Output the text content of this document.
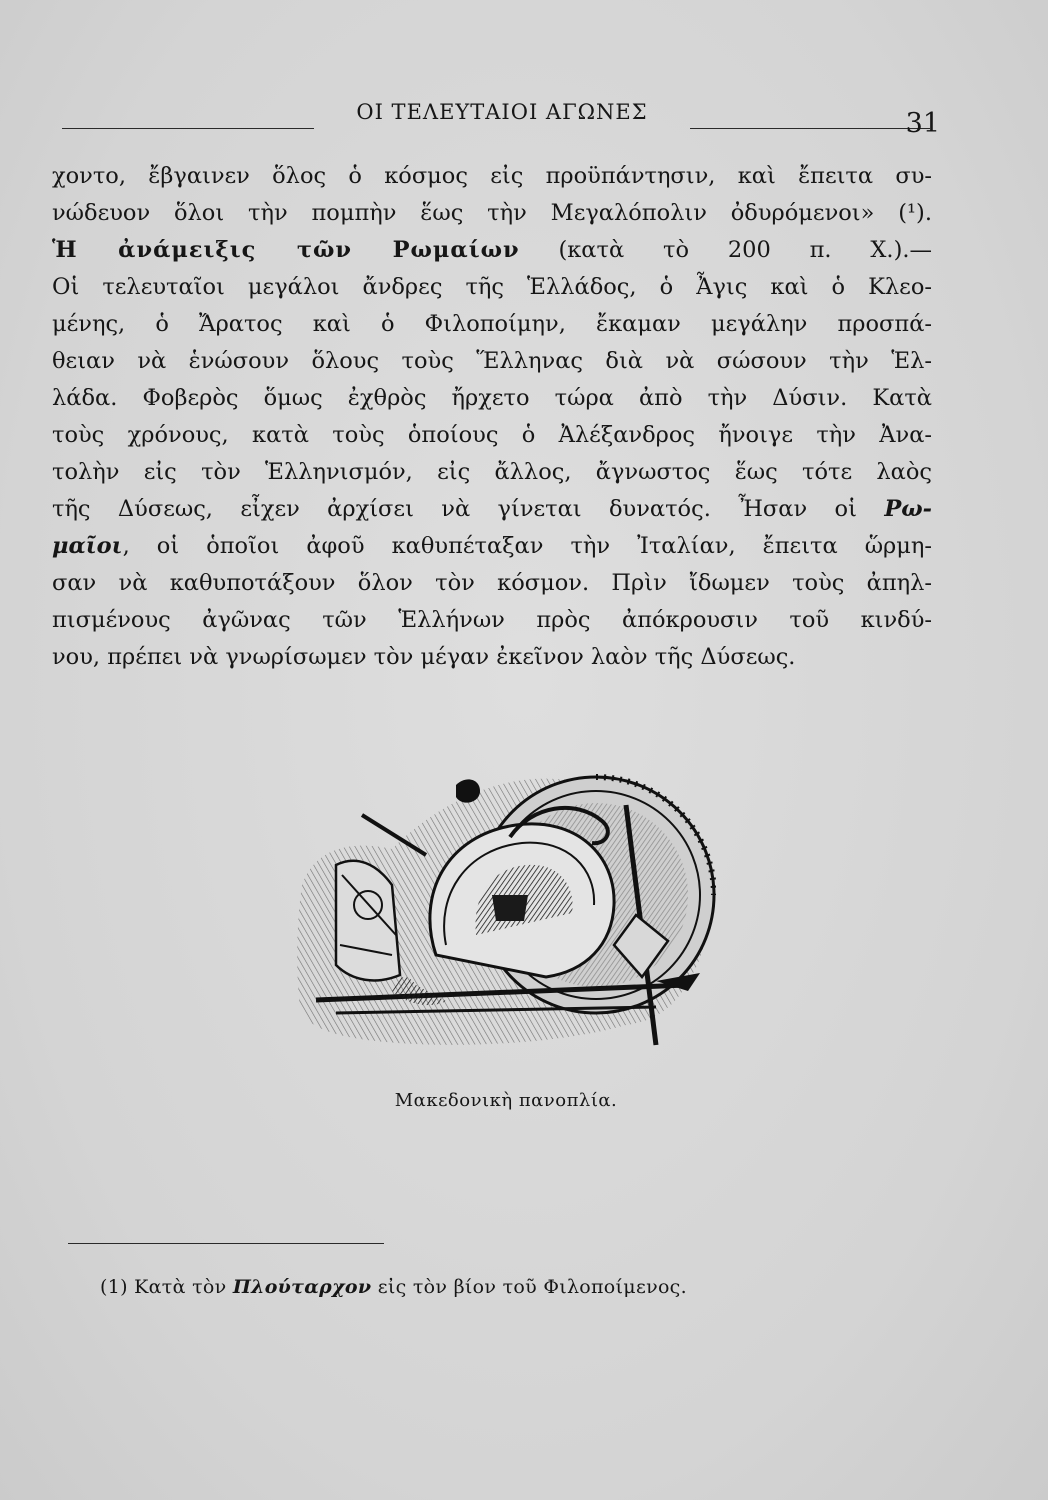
ΟΙ ΤΕΛΕΥΤΑΙΟΙ ΑΓΩΝΕΣ	31
χοντο, ἔβγαινεν ὅλος ὁ κόσμος εἰς προϋπάντησιν, καὶ ἔπειτα συ-
νώδευον ὅλοι τὴν πομπὴν ἕως τὴν Μεγαλόπολιν ὀδυρόμενοι» (¹).
Ἡ ἀνάμειξις τῶν Ρωμαίων (κατὰ τὸ 200 π. Χ.).—
Οἱ τελευταῖοι μεγάλοι ἄνδρες τῆς Ἑλλάδος, ὁ Ἆγις καὶ ὁ Κλεο-
μένης, ὁ Ἄρατος καὶ ὁ Φιλοποίμην, ἔκαμαν μεγάλην προσπά-
θειαν νὰ ἑνώσουν ὅλους τοὺς Ἕλληνας διὰ νὰ σώσουν τὴν Ἑλ-
λάδα. Φοβερὸς ὅμως ἐχθρὸς ἤρχετο τώρα ἀπὸ τὴν Δύσιν. Κατὰ
τοὺς χρόνους, κατὰ τοὺς ὁποίους ὁ Ἀλέξανδρος ἤνοιγε τὴν Ἀνα-
τολὴν εἰς τὸν Ἑλληνισμόν, εἰς ἄλλος, ἄγνωστος ἕως τότε λαὸς
τῆς Δύσεως, εἶχεν ἀρχίσει νὰ γίνεται δυνατός. Ἦσαν οἱ Ρω-
μαῖοι, οἱ ὁποῖοι ἀφοῦ καθυπέταξαν τὴν Ἰταλίαν, ἔπειτα ὥρμη-
σαν νὰ καθυποτάξουν ὅλον τὸν κόσμον. Πρὶν ἴδωμεν τοὺς ἀπηλ-
πισμένους ἀγῶνας τῶν Ἑλλήνων πρὸς ἀπόκρουσιν τοῦ κινδύ-
νου, πρέπει νὰ γνωρίσωμεν τὸν μέγαν ἐκεῖνον λαὸν τῆς Δύσεως.
Μακεδονικὴ πανοπλία.
(1) Κατὰ τὸν Πλούταρχον εἰς τὸν βίον τοῦ Φιλοποίμενος.
